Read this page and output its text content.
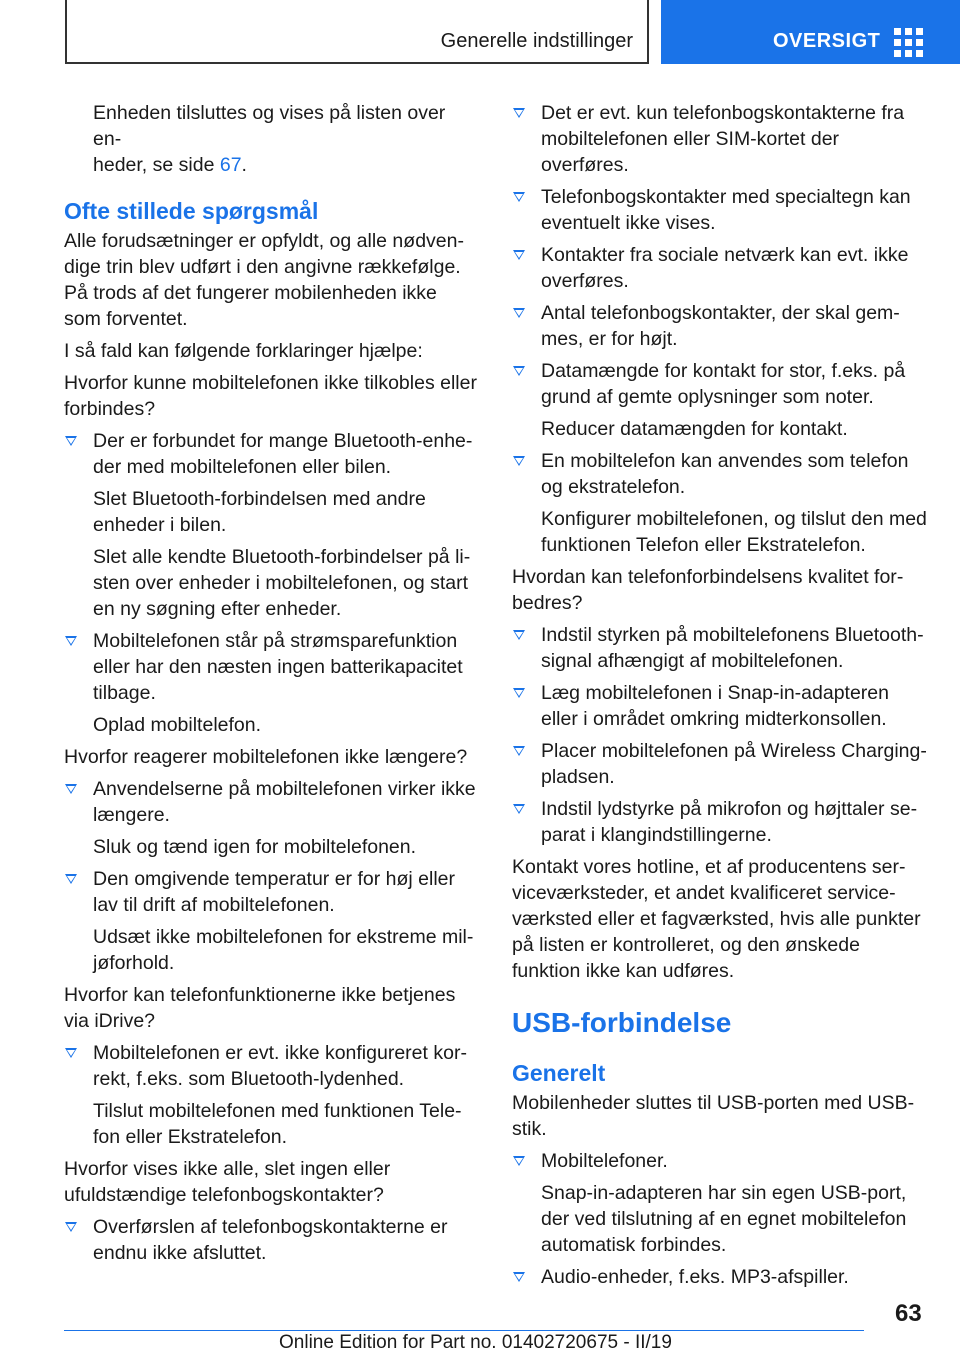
Generelle indstillinger	OVERSIGT

Enheden tilsluttes og vises på listen over en-
heder, se side 67.

Ofte stillede spørgsmål

Alle forudsætninger er opfyldt, og alle nødvendige trin blev udført i den angivne rækkefølge. På trods af det fungerer mobilenheden ikke som forventet.

I så fald kan følgende forklaringer hjælpe:

Hvorfor kunne mobiltelefonen ikke tilkobles eller forbindes?

Der er forbundet for mange Bluetooth-enheder med mobiltelefonen eller bilen.

Slet Bluetooth-forbindelsen med andre enheder i bilen.

Slet alle kendte Bluetooth-forbindelser på listen over enheder i mobiltelefonen, og start en ny søgning efter enheder.

Mobiltelefonen står på strømsparefunktion eller har den næsten ingen batterikapacitet tilbage.

Oplad mobiltelefon.

Hvorfor reagerer mobiltelefonen ikke længere?

Anvendelserne på mobiltelefonen virker ikke længere.

Sluk og tænd igen for mobiltelefonen.

Den omgivende temperatur er for høj eller lav til drift af mobiltelefonen.

Udsæt ikke mobiltelefonen for ekstreme miljøforhold.

Hvorfor kan telefonfunktionerne ikke betjenes via iDrive?

Mobiltelefonen er evt. ikke konfigureret korrekt, f.eks. som Bluetooth-lydenhed.

Tilslut mobiltelefonen med funktionen Telefon eller Ekstratelefon.

Hvorfor vises ikke alle, slet ingen eller ufuldstændige telefonbogskontakter?

Overførslen af telefonbogskontakterne er endnu ikke afsluttet.
Det er evt. kun telefonbogskontakterne fra mobiltelefonen eller SIM-kortet der overføres.
Telefonbogskontakter med specialtegn kan eventuelt ikke vises.
Kontakter fra sociale netværk kan evt. ikke overføres.
Antal telefonbogskontakter, der skal gemmes, er for højt.
Datamængde for kontakt for stor, f.eks. på grund af gemte oplysninger som noter.

Reducer datamængden for kontakt.

En mobiltelefon kan anvendes som telefon og ekstratelefon.

Konfigurer mobiltelefonen, og tilslut den med funktionen Telefon eller Ekstratelefon.

Hvordan kan telefonforbindelsens kvalitet forbedres?

Indstil styrken på mobiltelefonens Bluetooth-signal afhængigt af mobiltelefonen.
Læg mobiltelefonen i Snap-in-adapteren eller i området omkring midterkonsollen.
Placer mobiltelefonen på Wireless Charging-pladsen.
Indstil lydstyrke på mikrofon og højttaler separat i klangindstillingerne.

Kontakt vores hotline, et af producentens serviceværksteder, et andet kvalificeret serviceværksted eller et fagværksted, hvis alle punkter på listen er kontrolleret, og den ønskede funktion ikke kan udføres.

USB-forbindelse
Generelt

Mobilenheder sluttes til USB-porten med USB-stik.

Mobiltelefoner.

Snap-in-adapteren har sin egen USB-port, der ved tilslutning af en egnet mobiltelefon automatisk forbindes.

Audio-enheder, f.eks. MP3-afspiller.
63
Online Edition for Part no. 01402720675 - II/19
